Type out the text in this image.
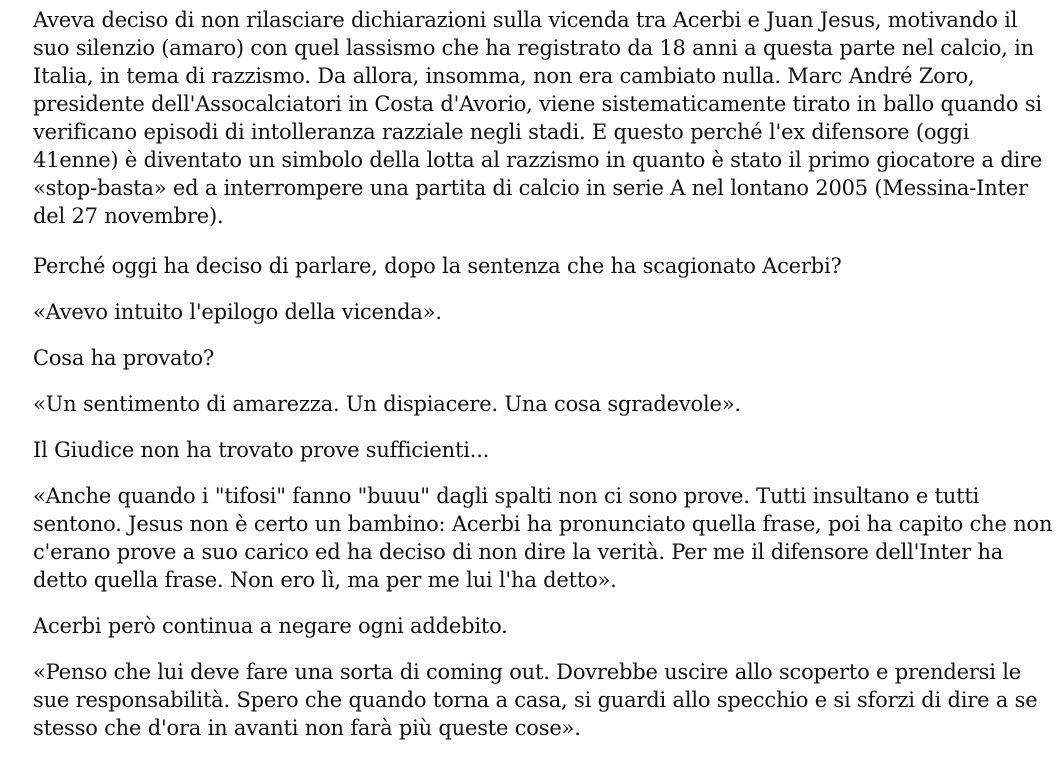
Aveva deciso di non rilasciare dichiarazioni sulla vicenda tra Acerbi e Juan Jesus, motivando il suo silenzio (amaro) con quel lassismo che ha registrato da 18 anni a questa parte nel calcio, in Italia, in tema di razzismo. Da allora, insomma, non era cambiato nulla. Marc André Zoro, presidente dell'Assocalciatori in Costa d'Avorio, viene sistematicamente tirato in ballo quando si verificano episodi di intolleranza razziale negli stadi. E questo perché l'ex difensore (oggi 41enne) è diventato un simbolo della lotta al razzismo in quanto è stato il primo giocatore a dire «stop-basta» ed a interrompere una partita di calcio in serie A nel lontano 2005 (Messina-Inter del 27 novembre).

Perché oggi ha deciso di parlare, dopo la sentenza che ha scagionato Acerbi?

«Avevo intuito l'epilogo della vicenda».

Cosa ha provato?

«Un sentimento di amarezza. Un dispiacere. Una cosa sgradevole».

Il Giudice non ha trovato prove sufficienti...

«Anche quando i "tifosi" fanno "buuu" dagli spalti non ci sono prove. Tutti insultano e tutti sentono. Jesus non è certo un bambino: Acerbi ha pronunciato quella frase, poi ha capito che non c'erano prove a suo carico ed ha deciso di non dire la verità. Per me il difensore dell'Inter ha detto quella frase. Non ero lì, ma per me lui l'ha detto».

Acerbi però continua a negare ogni addebito.

«Penso che lui deve fare una sorta di coming out. Dovrebbe uscire allo scoperto e prendersi le sue responsabilità. Spero che quando torna a casa, si guardi allo specchio e si sforzi di dire a se stesso che d'ora in avanti non farà più queste cose».
